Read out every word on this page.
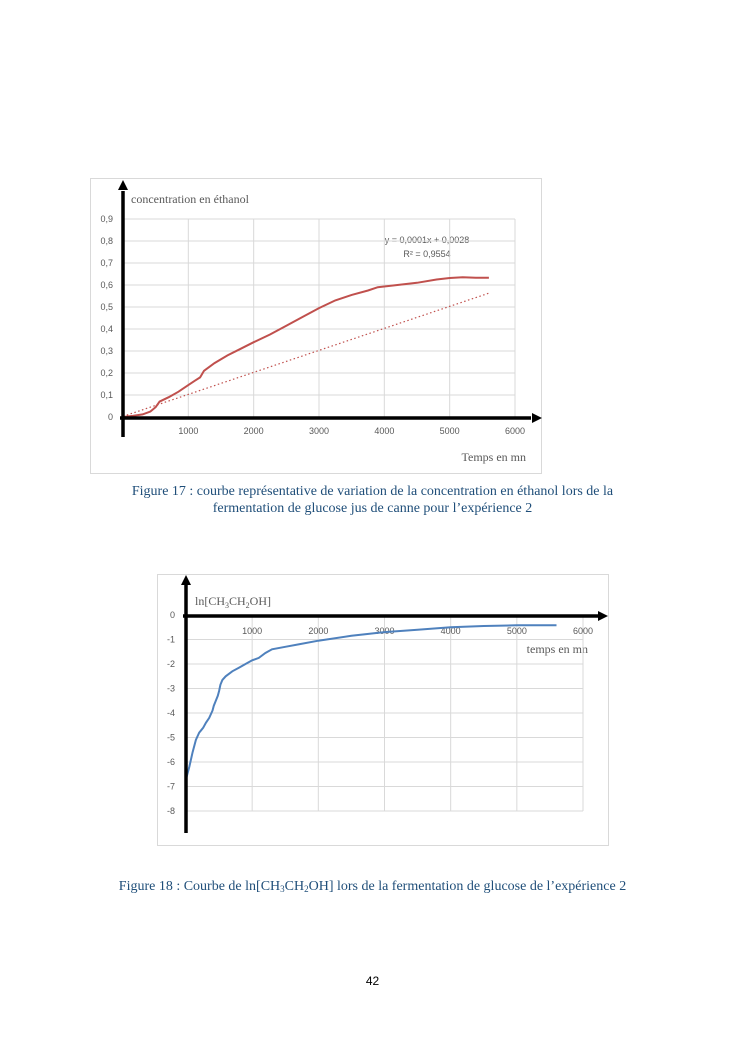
concentration en éthanol
y = 0,0001x + 0,0028
R² = 0,9554
Temps en mn
1000	2000	3000	4000	5000	6000
0
0,1
0,2
0,3
0,4
0,5
0,6
0,7
0,8
0,9
$\ln[CH_3CH_2OH]$
temps en mn
1000	2000	3000	4000	5000	6000
0
-1
-2
-3
-4
-5
-6
-7
-8
Figure 17 : courbe représentative de variation de la concentration en éthanol lors de la
fermentation de glucose jus de canne pour l’expérience 2
Figure 18 : Courbe de $\ln[CH_3CH_2OH]$ lors de la fermentation de glucose de l’expérience 2
42
